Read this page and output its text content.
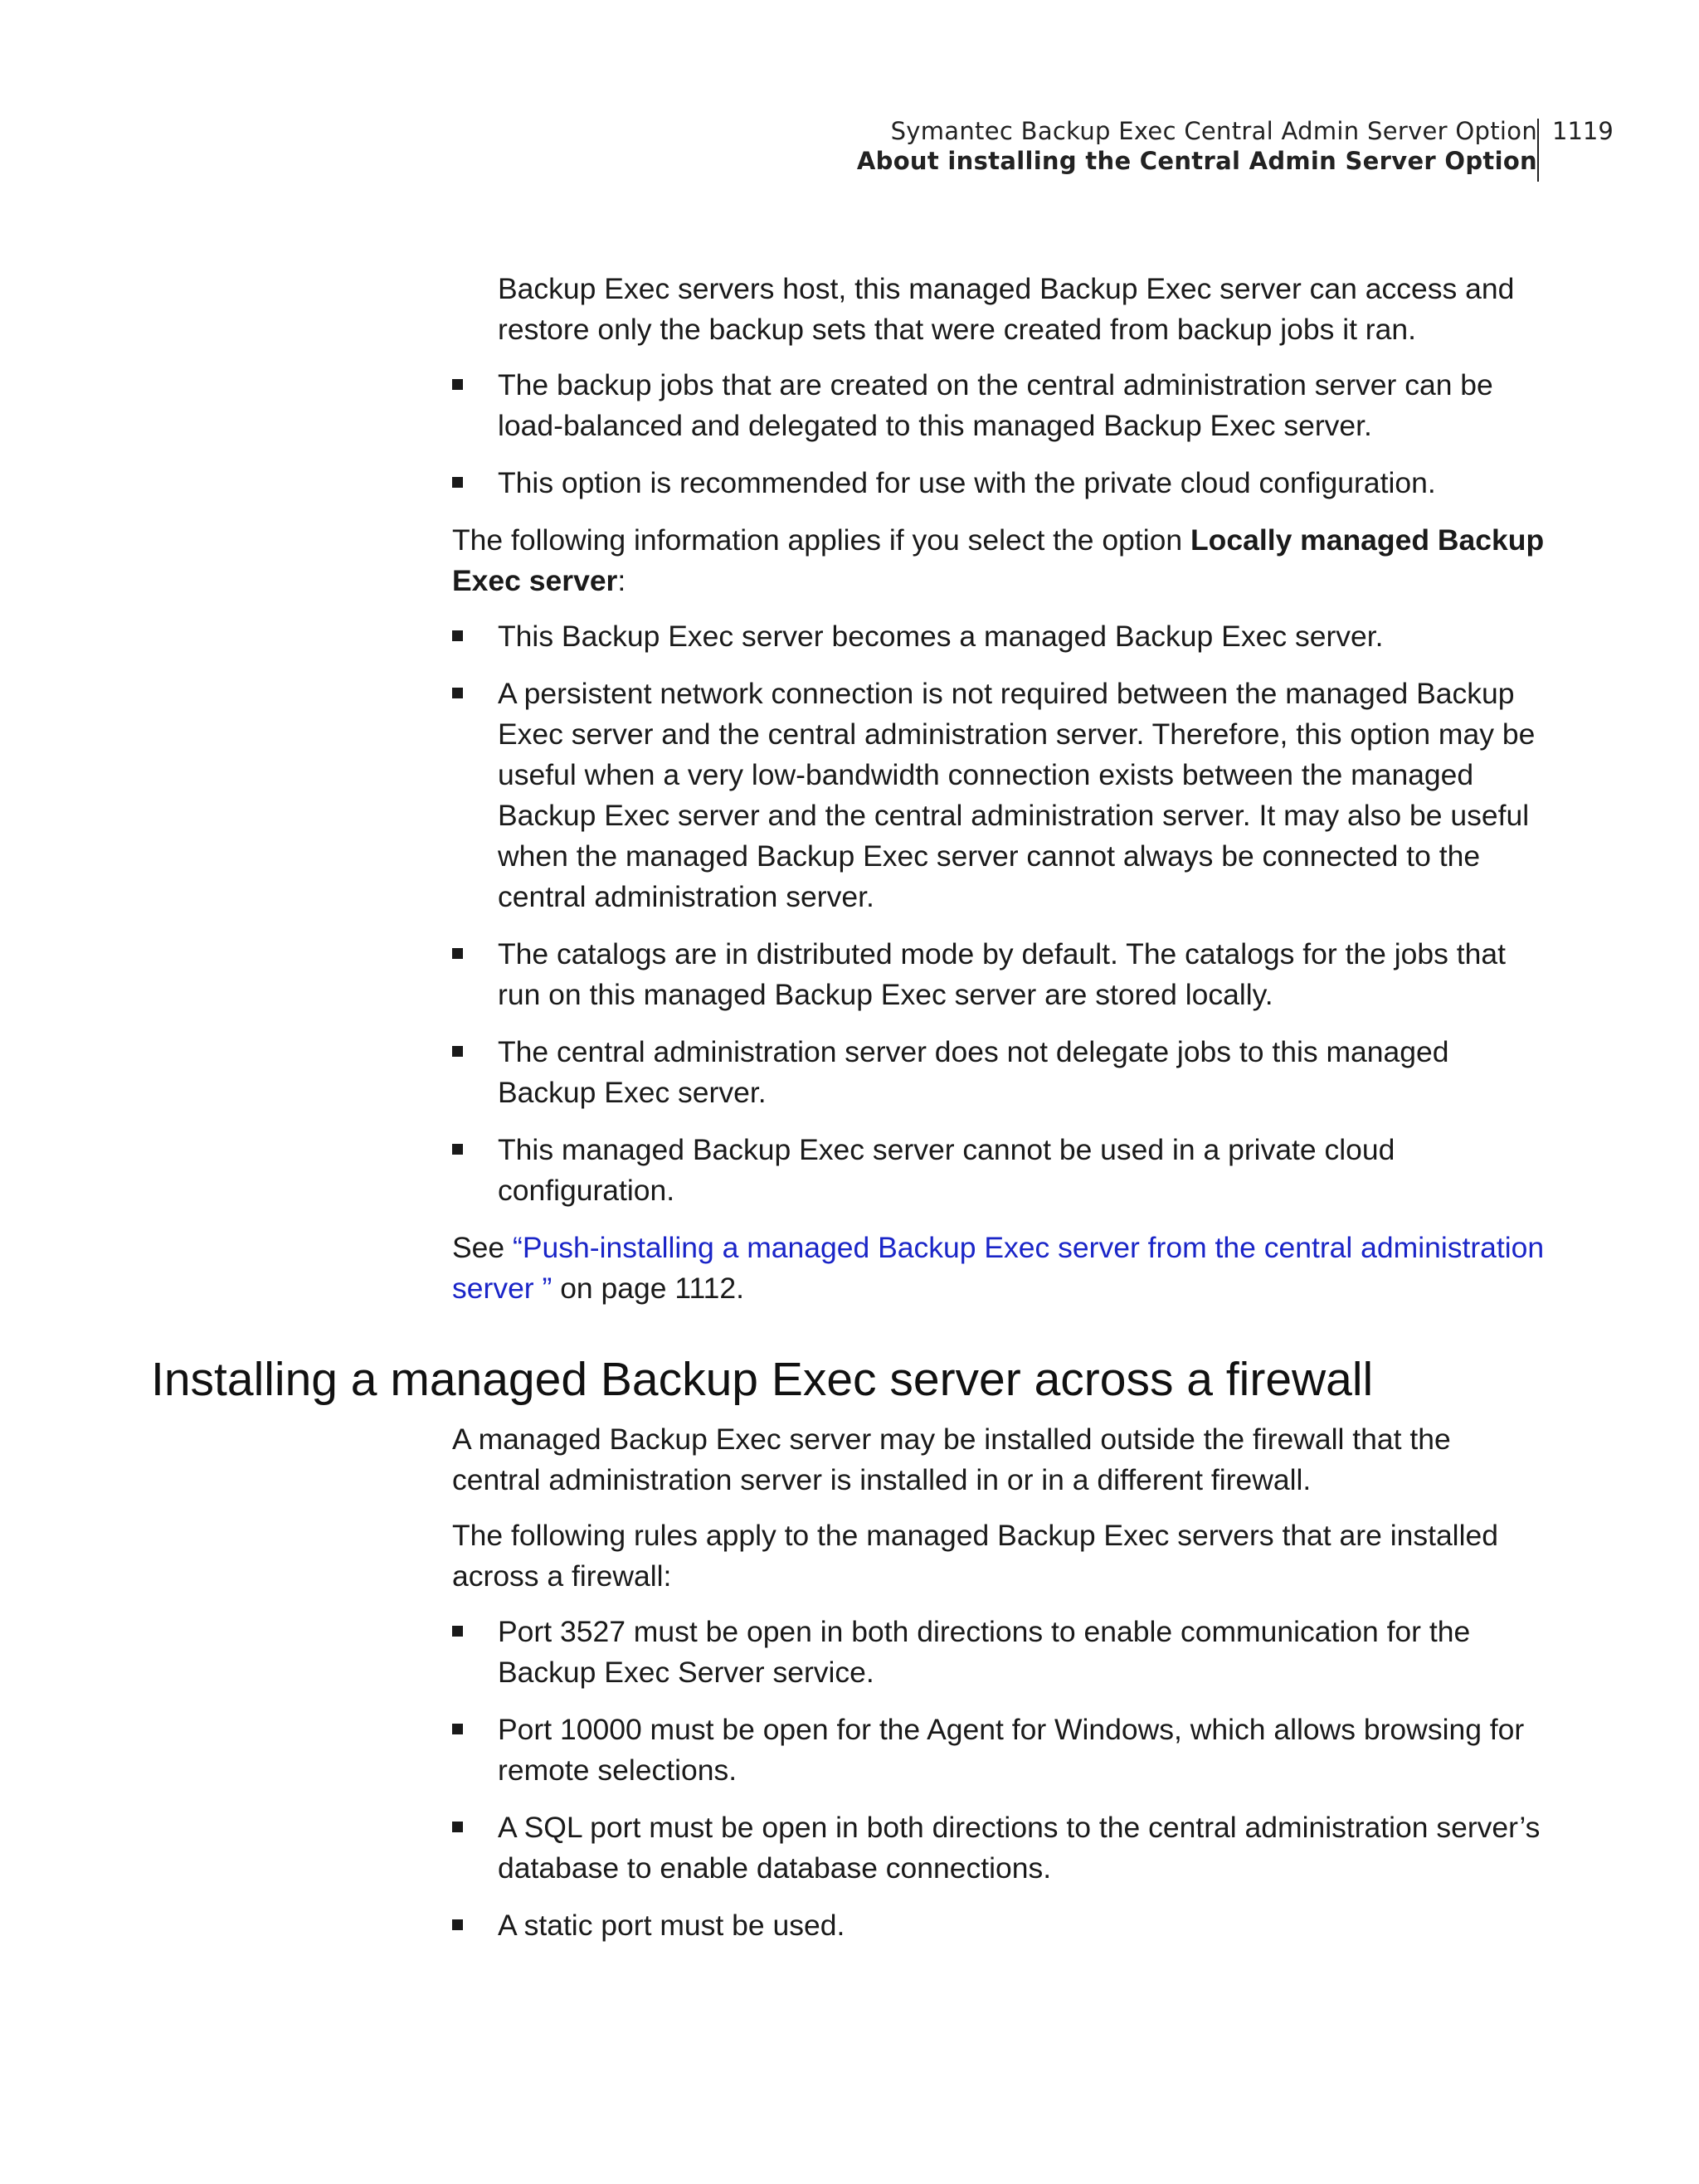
Symantec Backup Exec Central Admin Server Option
About installing the Central Admin Server Option
1119

Backup Exec servers host, this managed Backup Exec server can access and restore only the backup sets that were created from backup jobs it ran.

The backup jobs that are created on the central administration server can be load-balanced and delegated to this managed Backup Exec server.
This option is recommended for use with the private cloud configuration.

The following information applies if you select the option Locally managed Backup Exec server:

This Backup Exec server becomes a managed Backup Exec server.
A persistent network connection is not required between the managed Backup Exec server and the central administration server. Therefore, this option may be useful when a very low-bandwidth connection exists between the managed Backup Exec server and the central administration server. It may also be useful when the managed Backup Exec server cannot always be connected to the central administration server.
The catalogs are in distributed mode by default. The catalogs for the jobs that run on this managed Backup Exec server are stored locally.
The central administration server does not delegate jobs to this managed Backup Exec server.
This managed Backup Exec server cannot be used in a private cloud configuration.

See “Push-installing a managed Backup Exec server from the central administration server ” on page 1112.

Installing a managed Backup Exec server across a firewall

A managed Backup Exec server may be installed outside the firewall that the central administration server is installed in or in a different firewall.

The following rules apply to the managed Backup Exec servers that are installed across a firewall:

Port 3527 must be open in both directions to enable communication for the Backup Exec Server service.
Port 10000 must be open for the Agent for Windows, which allows browsing for remote selections.
A SQL port must be open in both directions to the central administration server’s database to enable database connections.
A static port must be used.
